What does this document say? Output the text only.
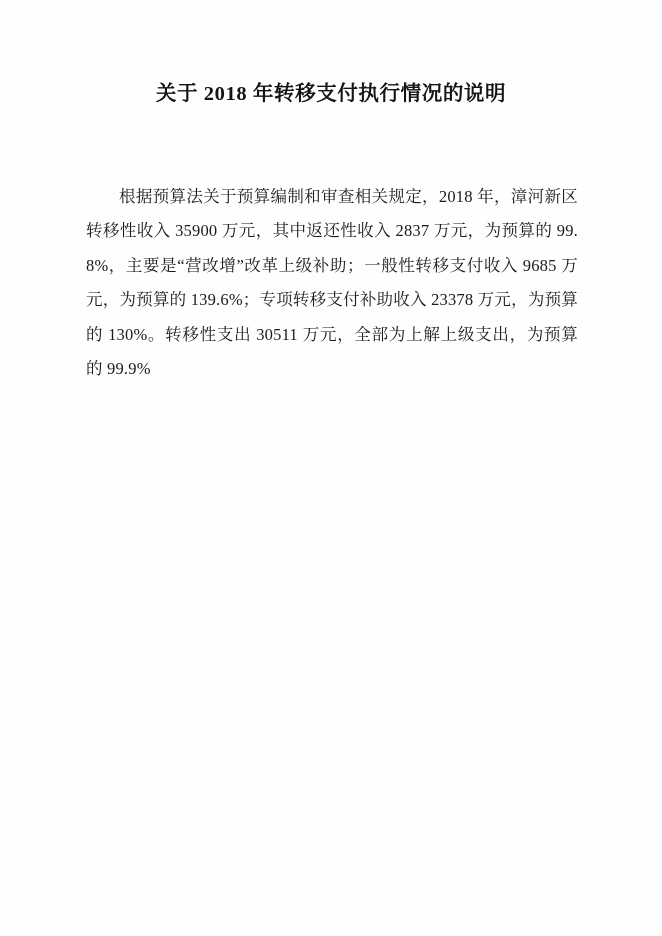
关于 2018 年转移支付执行情况的说明

根据预算法关于预算编制和审查相关规定，2018 年，漳河新区转移性收入 35900 万元，其中返还性收入 2837 万元，为预算的 99.8%，主要是“营改增”改革上级补助；一般性转移支付收入 9685 万元，为预算的 139.6%；专项转移支付补助收入 23378 万元，为预算的 130%。转移性支出 30511 万元，全部为上解上级支出，为预算的 99.9%
